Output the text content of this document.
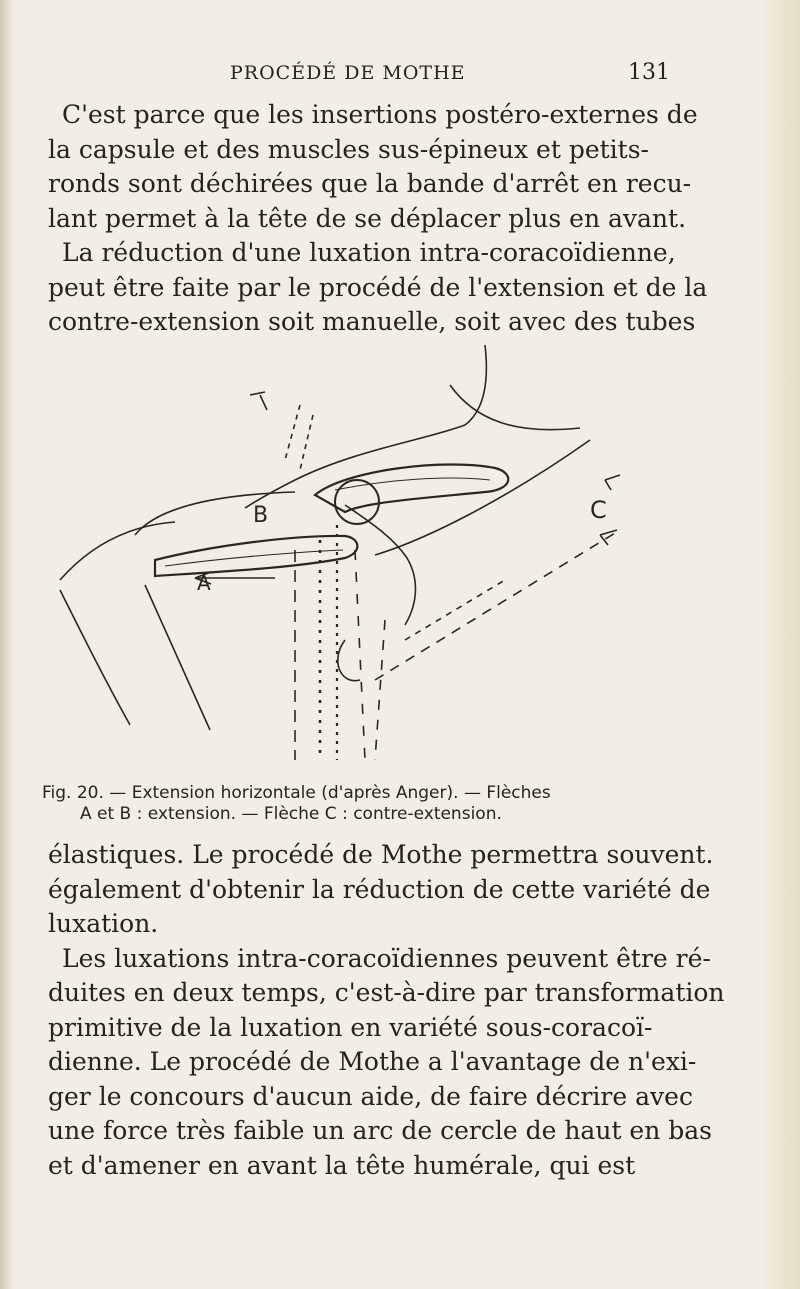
PROCÉDÉ DE MOTHE	131
C'est parce que les insertions postéro-externes de
la capsule et des muscles sus-épineux et petits-
ronds sont déchirées que la bande d'arrêt en recu-
lant permet à la tête de se déplacer plus en avant.
La réduction d'une luxation intra-coracoïdienne,
peut être faite par le procédé de l'extension et de la
contre-extension soit manuelle, soit avec des tubes
B
A
C
Fig. 20. — Extension horizontale (d'après Anger). — Flèches
A et B : extension. — Flèche C : contre-extension.
élastiques. Le procédé de Mothe permettra souvent.
également d'obtenir la réduction de cette variété de
luxation.
Les luxations intra-coracoïdiennes peuvent être ré-
duites en deux temps, c'est-à-dire par transformation
primitive de la luxation en variété sous-coracoï-
dienne. Le procédé de Mothe a l'avantage de n'exi-
ger le concours d'aucun aide, de faire décrire avec
une force très faible un arc de cercle de haut en bas
et d'amener en avant la tête humérale, qui est
